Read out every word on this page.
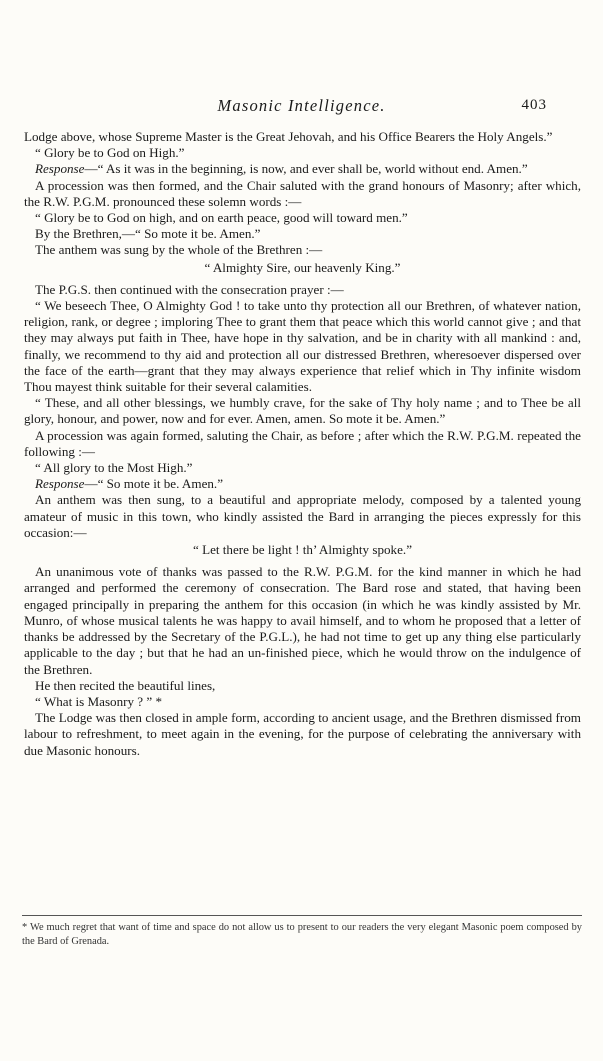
Masonic Intelligence.	403

Lodge above, whose Supreme Master is the Great Jehovah, and his Office Bearers the Holy Angels.”

“ Glory be to God on High.”

Response—“ As it was in the beginning, is now, and ever shall be, world without end. Amen.”

A procession was then formed, and the Chair saluted with the grand honours of Masonry; after which, the R.W. P.G.M. pronounced these solemn words :—

“ Glory be to God on high, and on earth peace, good will toward men.”

By the Brethren,—“ So mote it be. Amen.”

The anthem was sung by the whole of the Brethren :—

“ Almighty Sire, our heavenly King.”

The P.G.S. then continued with the consecration prayer :—

“ We beseech Thee, O Almighty God ! to take unto thy protection all our Brethren, of whatever nation, religion, rank, or degree ; imploring Thee to grant them that peace which this world cannot give ; and that they may always put faith in Thee, have hope in thy salvation, and be in charity with all mankind : and, finally, we recommend to thy aid and protection all our distressed Brethren, wheresoever dispersed over the face of the earth—grant that they may always experience that relief which in Thy infinite wisdom Thou mayest think suitable for their several calamities.

“ These, and all other blessings, we humbly crave, for the sake of Thy holy name ; and to Thee be all glory, honour, and power, now and for ever. Amen, amen. So mote it be. Amen.”

A procession was again formed, saluting the Chair, as before ; after which the R.W. P.G.M. repeated the following :—

“ All glory to the Most High.”

Response—“ So mote it be. Amen.”

An anthem was then sung, to a beautiful and appropriate melody, composed by a talented young amateur of music in this town, who kindly assisted the Bard in arranging the pieces expressly for this occasion:—

“ Let there be light ! th’ Almighty spoke.”

An unanimous vote of thanks was passed to the R.W. P.G.M. for the kind manner in which he had arranged and performed the ceremony of consecration. The Bard rose and stated, that having been engaged principally in preparing the anthem for this occasion (in which he was kindly assisted by Mr. Munro, of whose musical talents he was happy to avail himself, and to whom he proposed that a letter of thanks be addressed by the Secretary of the P.G.L.), he had not time to get up any thing else particularly applicable to the day ; but that he had an un-finished piece, which he would throw on the indulgence of the Brethren.

He then recited the beautiful lines,

“ What is Masonry ? ” *

The Lodge was then closed in ample form, according to ancient usage, and the Brethren dismissed from labour to refreshment, to meet again in the evening, for the purpose of celebrating the anniversary with due Masonic honours.

* We much regret that want of time and space do not allow us to present to our readers the very elegant Masonic poem composed by the Bard of Grenada.
